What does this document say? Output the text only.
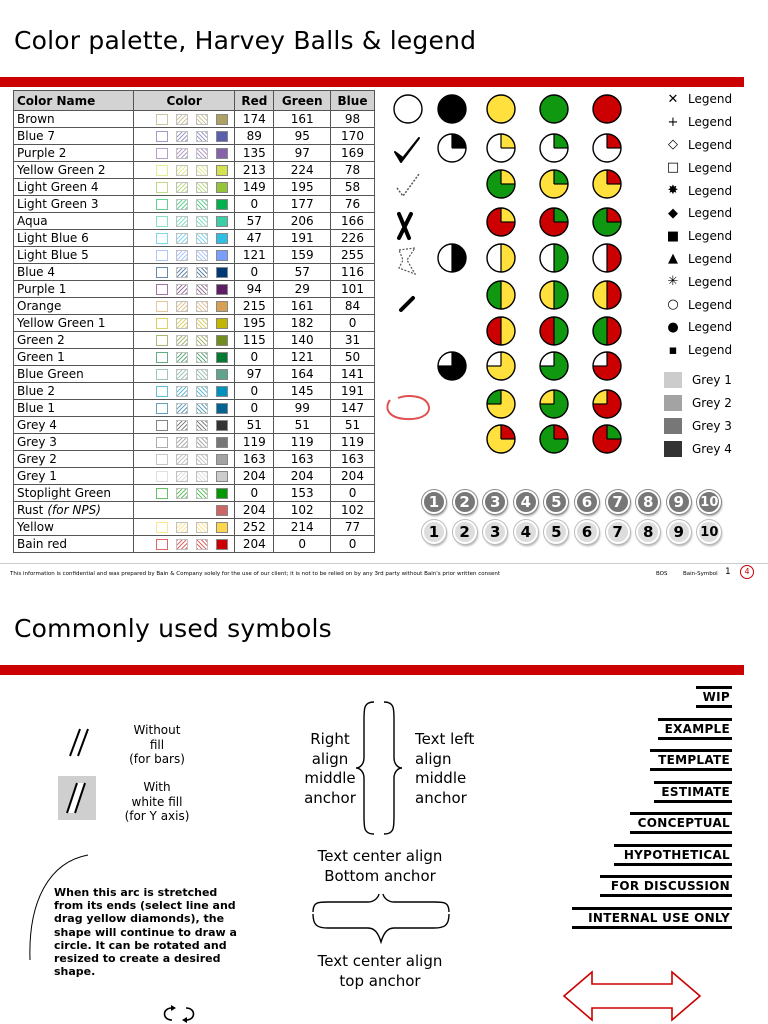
Color palette, Harvey Balls & legend
Color Name	Color	Red	Green	Blue
Brown		174	161	98
Blue 7		89	95	170
Purple 2		135	97	169
Yellow Green 2		213	224	78
Light Green 4		149	195	58
Light Green 3		0	177	76
Aqua		57	206	166
Light Blue 6		47	191	226
Light Blue 5		121	159	255
Blue 4		0	57	116
Purple 1		94	29	101
Orange		215	161	84
Yellow Green 1		195	182	0
Green 2		115	140	31
Green 1		0	121	50
Blue Green		97	164	141
Blue 2		0	145	191
Blue 1		0	99	147
Grey 4		51	51	51
Grey 3		119	119	119
Grey 2		163	163	163
Grey 1		204	204	204
Stoplight Green		0	153	0
Rust (for NPS)		204	102	102
Yellow		252	214	77
Bain red		204	0	0
✕ Legend
+ Legend
◇ Legend
□ Legend
✸ Legend
◆ Legend
■ Legend
▲ Legend
✳ Legend
○ Legend
● Legend
▪ Legend
Grey 1
Grey 2
Grey 3
Grey 4
1	2	3	4	5	6	7	8	9	10
1	2	3	4	5	6	7	8	9	10
This information is confidential and was prepared by Bain & Company solely for the use of our client; it is not to be relied on by any 3rd party without Bain's prior written consent	BOS	Bain-Symbol 1	4
Commonly used symbols
Without
fill
(for bars)
With
white fill
(for Y axis)
When this arc is stretched from its ends (select line and drag yellow diamonds), the shape will continue to draw a circle. It can be rotated and resized to create a desired shape.
Right
align
middle
anchor
Text left
align
middle
anchor
Text center align
Bottom anchor
Text center align
top anchor
WIP
EXAMPLE
TEMPLATE
ESTIMATE
CONCEPTUAL
HYPOTHETICAL
FOR DISCUSSION
INTERNAL USE ONLY
